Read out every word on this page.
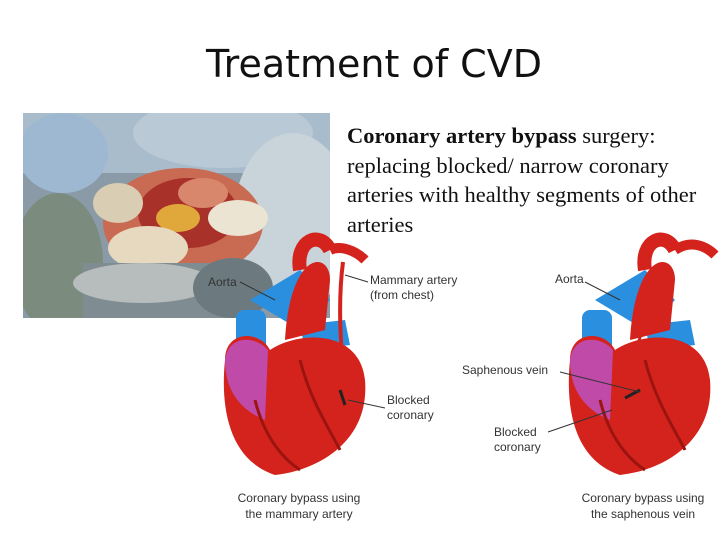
Treatment of CVD
Coronary artery bypass surgery: replacing blocked/ narrow coronary arteries with healthy segments of other arteries
Aorta	Mammary artery
(from chest)
Blocked
coronary
Coronary bypass using
the mammary artery
Aorta
Saphenous vein
Blocked
coronary
Coronary bypass using
the saphenous vein
